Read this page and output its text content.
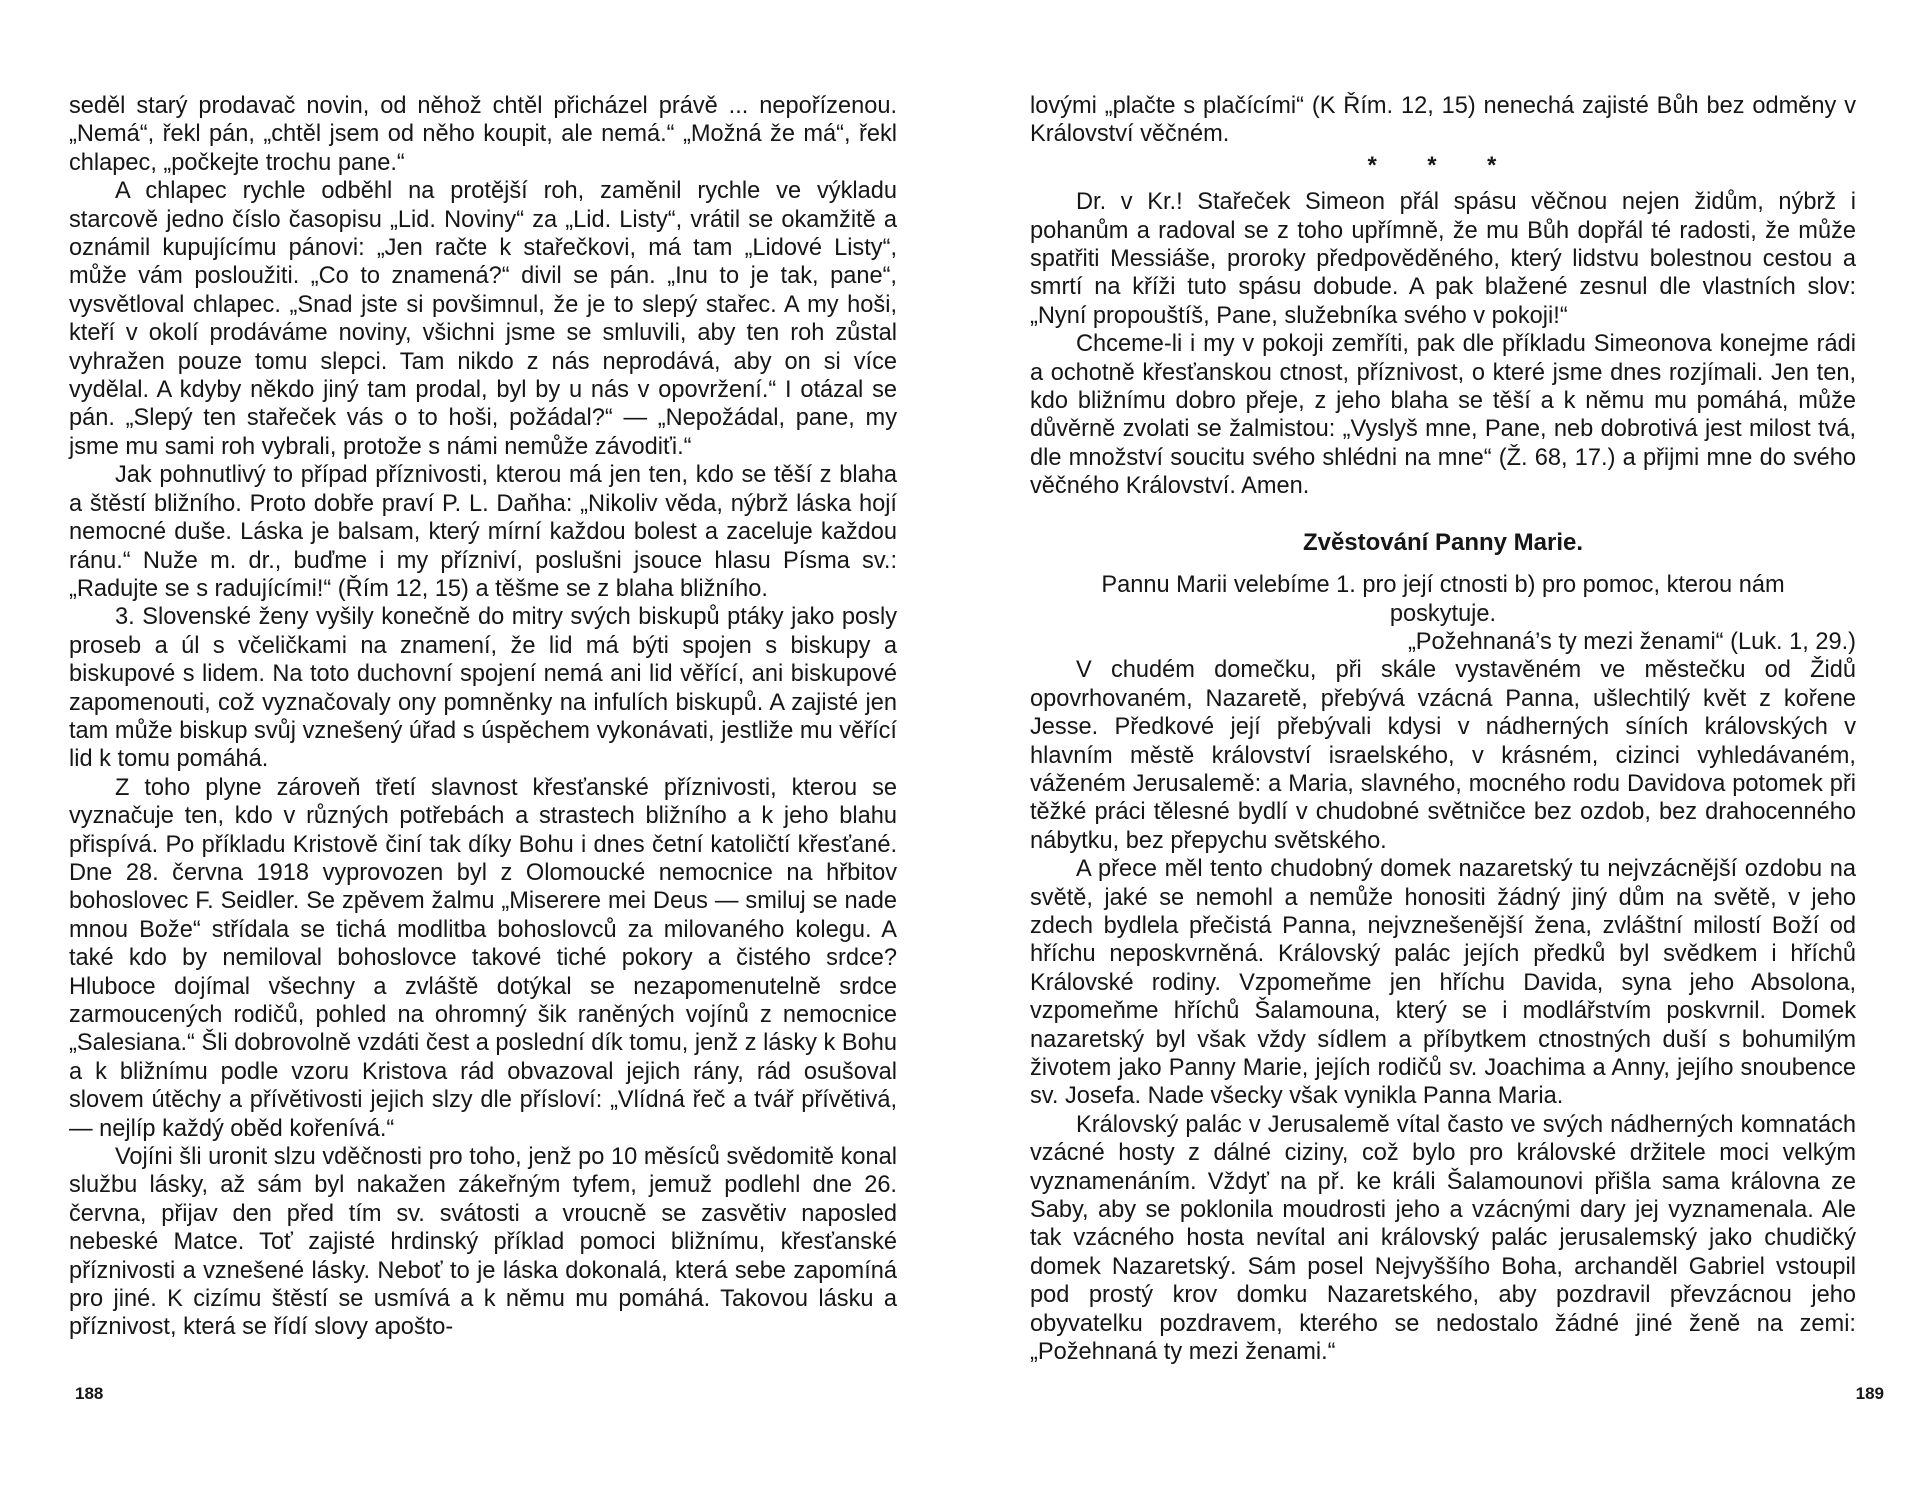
seděl starý prodavač novin, od něhož chtěl přicházel právě ... nepořízenou. „Nemá“, řekl pán, „chtěl jsem od něho koupit, ale nemá.“ „Možná že má“, řekl chlapec, „počkejte trochu pane.“

A chlapec rychle odběhl na protější roh, zaměnil rychle ve výkladu starcově jedno číslo časopisu „Lid. Noviny“ za „Lid. Listy“, vrátil se okamžitě a oznámil kupujícímu pánovi: „Jen račte k stařečkovi, má tam „Lidové Listy“, může vám posloužiti. „Co to znamená?“ divil se pán. „Inu to je tak, pane“, vysvětloval chlapec. „Snad jste si povšimnul, že je to slepý stařec. A my hoši, kteří v okolí prodáváme noviny, všichni jsme se smluvili, aby ten roh zůstal vyhražen pouze tomu slepci. Tam nikdo z nás neprodává, aby on si více vydělal. A kdyby někdo jiný tam prodal, byl by u nás v opovržení.“ I otázal se pán. „Slepý ten stařeček vás o to hoši, požádal?“ — „Nepožádal, pane, my jsme mu sami roh vybrali, protože s námi nemůže závodiťi.“

Jak pohnutlivý to případ příznivosti, kterou má jen ten, kdo se těší z blaha a štěstí bližního. Proto dobře praví P. L. Daňha: „Nikoliv věda, nýbrž láska hojí nemocné duše. Láska je balsam, který mírní každou bolest a zaceluje každou ránu.“ Nuže m. dr., buďme i my přízniví, poslušni jsouce hlasu Písma sv.: „Radujte se s radujícími!“ (Řím 12, 15) a těšme se z blaha bližního.

3. Slovenské ženy vyšily konečně do mitry svých biskupů ptáky jako posly proseb a úl s včeličkami na znamení, že lid má býti spojen s biskupy a biskupové s lidem. Na toto duchovní spojení nemá ani lid věřící, ani biskupové zapomenouti, což vyznačovaly ony pomněnky na infulích biskupů. A zajisté jen tam může biskup svůj vznešený úřad s úspěchem vykonávati, jestliže mu věřící lid k tomu pomáhá.

Z toho plyne zároveň třetí slavnost křesťanské příznivosti, kterou se vyznačuje ten, kdo v různých potřebách a strastech bližního a k jeho blahu přispívá. Po příkladu Kristově činí tak díky Bohu i dnes četní katoličtí křesťané. Dne 28. června 1918 vyprovozen byl z Olomoucké nemocnice na hřbitov bohoslovec F. Seidler. Se zpěvem žalmu „Miserere mei Deus — smiluj se nade mnou Bože“ střídala se tichá modlitba bohoslovců za milovaného kolegu. A také kdo by nemiloval bohoslovce takové tiché pokory a čistého srdce? Hluboce dojímal všechny a zvláště dotýkal se nezapomenutelně srdce zarmoucených rodičů, pohled na ohromný šik raněných vojínů z nemocnice „Salesiana.“ Šli dobrovolně vzdáti čest a poslední dík tomu, jenž z lásky k Bohu a k bližnímu podle vzoru Kristova rád obvazoval jejich rány, rád osušoval slovem útěchy a přívětivosti jejich slzy dle přísloví: „Vlídná řeč a tvář přívětivá, — nejlíp každý oběd kořenívá.“

Vojíni šli uronit slzu vděčnosti pro toho, jenž po 10 měsíců svědomitě konal službu lásky, až sám byl nakažen zákeřným tyfem, jemuž podlehl dne 26. června, přijav den před tím sv. svátosti a vroucně se zasvětiv naposled nebeské Matce. Toť zajisté hrdinský příklad pomoci bližnímu, křesťanské příznivosti a vznešené lásky. Neboť to je láska dokonalá, která sebe zapomíná pro jiné. K cizímu štěstí se usmívá a k němu mu pomáhá. Takovou lásku a příznivost, která se řídí slovy apošto-

188

lovými „plačte s plačícími“ (K Řím. 12, 15) nenechá zajisté Bůh bez odměny v Království věčném.

* * *

Dr. v Kr.! Stařeček Simeon přál spásu věčnou nejen židům, nýbrž i pohanům a radoval se z toho upřímně, že mu Bůh dopřál té radosti, že může spatřiti Messiáše, proroky předpověděného, který lidstvu bolestnou cestou a smrtí na kříži tuto spásu dobude. A pak blažené zesnul dle vlastních slov: „Nyní propouštíš, Pane, služebníka svého v pokoji!“

Chceme-li i my v pokoji zemříti, pak dle příkladu Simeonova konejme rádi a ochotně křesťanskou ctnost, příznivost, o které jsme dnes rozjímali. Jen ten, kdo bližnímu dobro přeje, z jeho blaha se těší a k němu mu pomáhá, může důvěrně zvolati se žalmistou: „Vyslyš mne, Pane, neb dobrotivá jest milost tvá, dle množství soucitu svého shlédni na mne“ (Ž. 68, 17.) a přijmi mne do svého věčného Království. Amen.

Zvěstování Panny Marie.

Pannu Marii velebíme 1. pro její ctnosti b) pro pomoc, kterou nám poskytuje.

„Požehnaná’s ty mezi ženami“ (Luk. 1, 29.)

V chudém domečku, při skále vystavěném ve městečku od Židů opovrhovaném, Nazaretě, přebývá vzácná Panna, ušlechtilý květ z kořene Jesse. Předkové její přebývali kdysi v nádherných síních královských v hlavním městě království israelského, v krásném, cizinci vyhledávaném, váženém Jerusalemě: a Maria, slavného, mocného rodu Davidova potomek při těžké práci tělesné bydlí v chudobné světničce bez ozdob, bez drahocenného nábytku, bez přepychu světského.

A přece měl tento chudobný domek nazaretský tu nejvzácnější ozdobu na světě, jaké se nemohl a nemůže honositi žádný jiný dům na světě, v jeho zdech bydlela přečistá Panna, nejvznešenější žena, zvláštní milostí Boží od hříchu neposkvrněná. Královský palác jejích předků byl svědkem i hříchů Královské rodiny. Vzpomeňme jen hříchu Davida, syna jeho Absolona, vzpomeňme hříchů Šalamouna, který se i modlářstvím poskvrnil. Domek nazaretský byl však vždy sídlem a příbytkem ctnostných duší s bohumilým životem jako Panny Marie, jejích rodičů sv. Joachima a Anny, jejího snoubence sv. Josefa. Nade všecky však vynikla Panna Maria.

Královský palác v Jerusalemě vítal často ve svých nádherných komnatách vzácné hosty z dálné ciziny, což bylo pro královské držitele moci velkým vyznamenáním. Vždyť na př. ke králi Šalamounovi přišla sama královna ze Saby, aby se poklonila moudrosti jeho a vzácnými dary jej vyznamenala. Ale tak vzácného hosta nevítal ani královský palác jerusalemský jako chudičký domek Nazaretský. Sám posel Nejvyššího Boha, archanděl Gabriel vstoupil pod prostý krov domku Nazaretského, aby pozdravil převzácnou jeho obyvatelku pozdravem, kterého se nedostalo žádné jiné ženě na zemi: „Požehnaná ty mezi ženami.“

189
